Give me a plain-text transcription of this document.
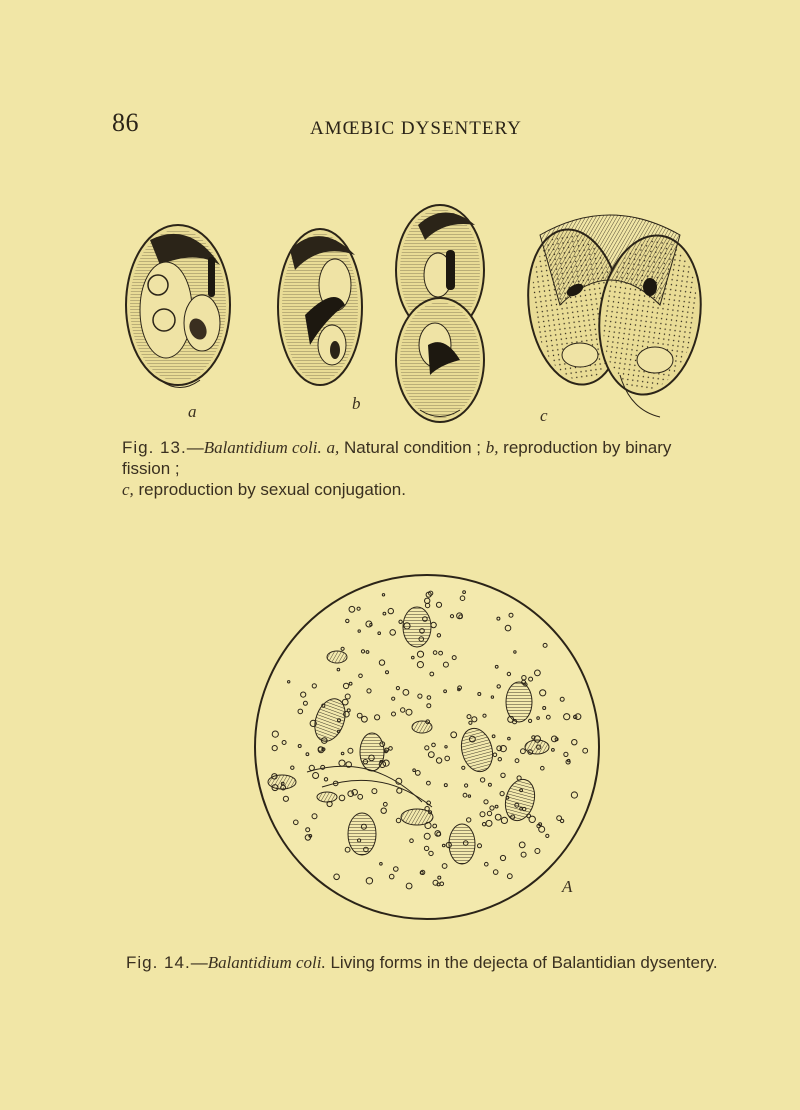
86	AMŒBIC DYSENTERY
a	b
c
Fig. 13.—Balantidium coli. a, Natural condition ; b, reproduction by binary fission ;
c, reproduction by sexual conjugation.
A
Fig. 14.—Balantidium coli. Living forms in the dejecta of Balantidian dysentery.
